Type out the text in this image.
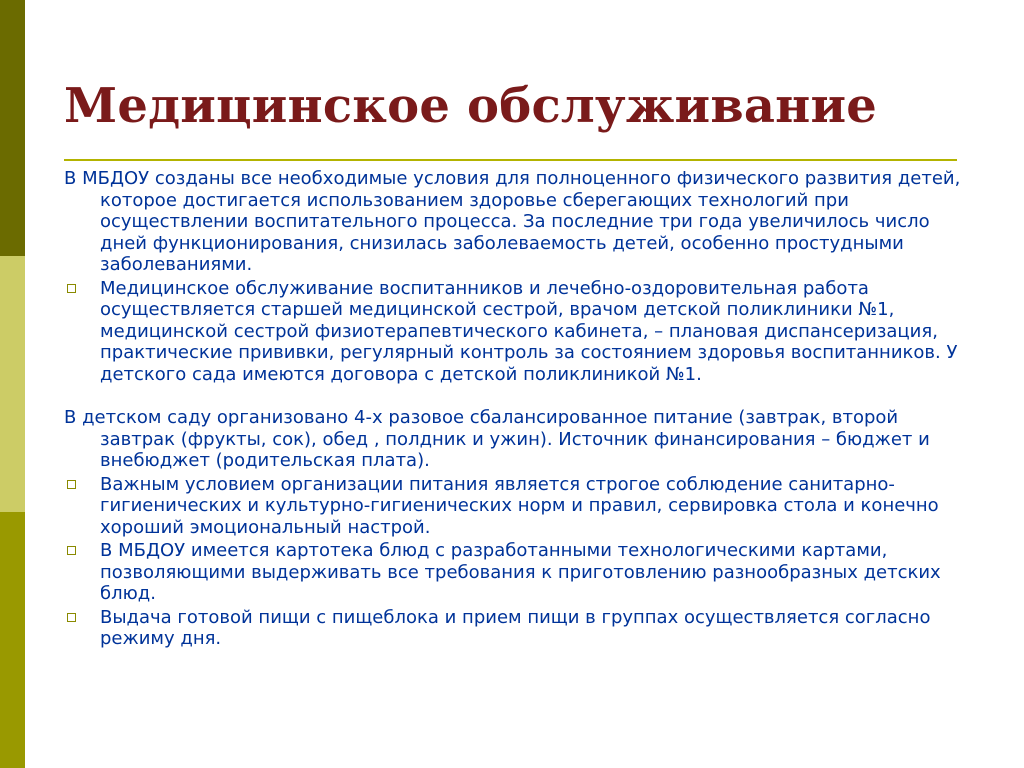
Медицинское обслуживание

В МБДОУ созданы все необходимые условия для полноценного физического развития детей, которое достигается использованием здоровье сберегающих технологий при осуществлении воспитательного процесса. За последние три года увеличилось число дней функционирования, снизилась заболеваемость детей, особенно простудными заболеваниями.

Медицинское обслуживание воспитанников и лечебно-оздоровительная работа осуществляется старшей медицинской сестрой, врачом детской поликлиники №1, медицинской сестрой физиотерапевтического кабинета, – плановая диспансеризация, практические прививки, регулярный контроль за состоянием здоровья воспитанников. У детского сада имеются договора с детской поликлиникой №1.

В детском саду организовано 4-х разовое сбалансированное питание (завтрак, второй завтрак (фрукты, сок), обед , полдник и ужин). Источник финансирования – бюджет и внебюджет (родительская плата).

Важным условием организации питания является строгое соблюдение санитарно-гигиенических и культурно-гигиенических норм и правил, сервировка стола и конечно хороший эмоциональный настрой.
В МБДОУ имеется картотека блюд с разработанными технологическими картами, позволяющими выдерживать все требования к приготовлению разнообразных детских блюд.
Выдача готовой пищи с пищеблока и прием пищи в группах осуществляется согласно режиму дня.
